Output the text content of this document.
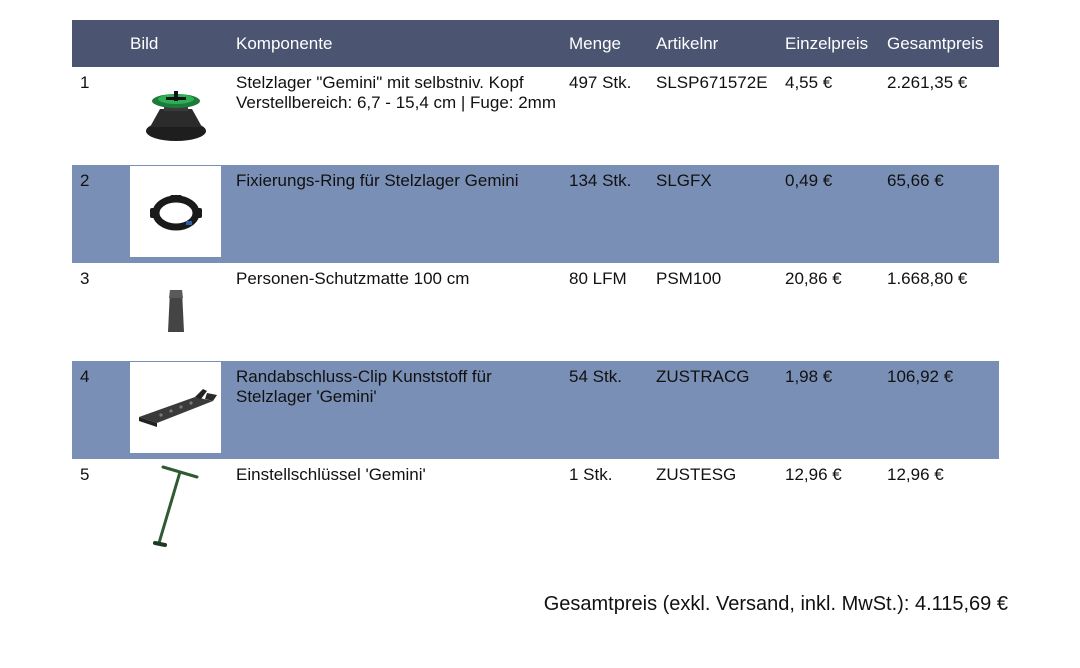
	Bild	Komponente	Menge	Artikelnr	Einzelpreis	Gesamtpreis
1		Stelzlager "Gemini" mit selbstniv. Kopf Verstellbereich: 6,7 - 15,4 cm | Fuge: 2mm	497 Stk.	SLSP671572E	4,55 €	2.261,35 €
2		Fixierungs-Ring für Stelzlager Gemini	134 Stk.	SLGFX	0,49 €	65,66 €
3		Personen-Schutzmatte 100 cm	80 LFM	PSM100	20,86 €	1.668,80 €
4		Randabschluss-Clip Kunststoff für Stelzlager 'Gemini'	54 Stk.	ZUSTRACG	1,98 €	106,92 €
5		Einstellschlüssel 'Gemini'	1 Stk.	ZUSTESG	12,96 €	12,96 €
Gesamtpreis (exkl. Versand, inkl. MwSt.): 4.115,69 €
